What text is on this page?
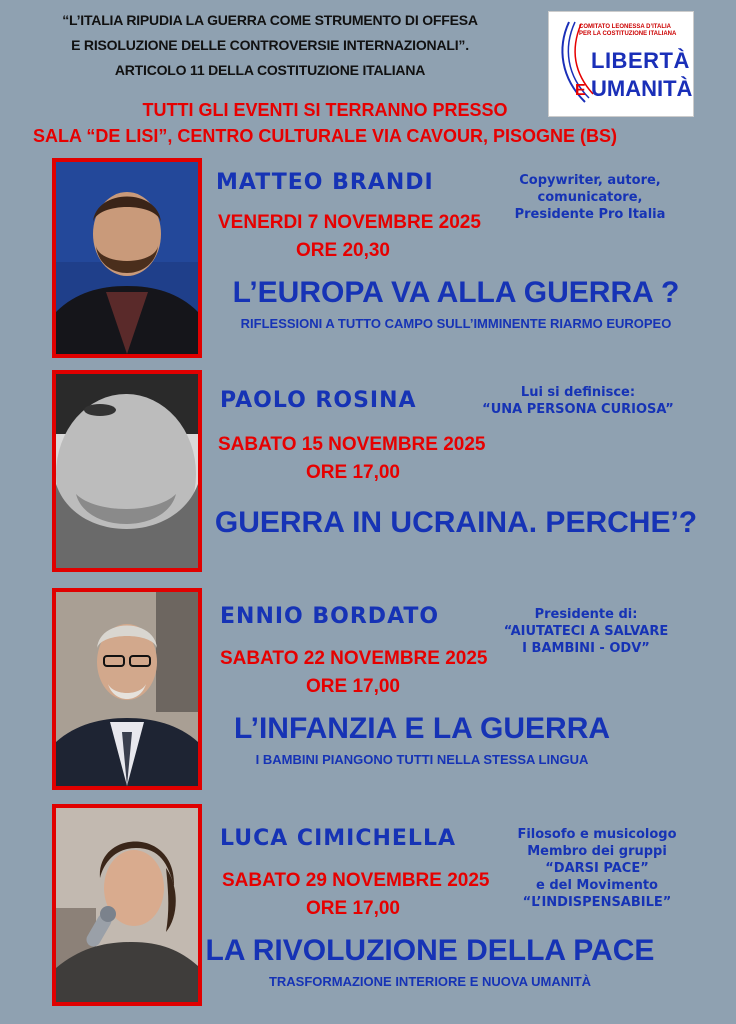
“L’ITALIA RIPUDIA LA GUERRA COME STRUMENTO DI OFFESA
E RISOLUZIONE DELLE CONTROVERSIE INTERNAZIONALI”.
ARTICOLO 11 DELLA COSTITUZIONE ITALIANA
TUTTI GLI EVENTI SI TERRANNO PRESSO
SALA “DE LISI”, CENTRO CULTURALE VIA CAVOUR, PISOGNE (BS)
COMITATO LEONESSA D’ITALIA
PER LA COSTITUZIONE ITALIANA
LIBERTÀ
E UMANITÀ
MATTEO BRANDI	Copywriter, autore,
comunicatore,
Presidente Pro Italia
VENERDI 7 NOVEMBRE 2025
ORE 20,30
L’EUROPA VA ALLA GUERRA ?
RIFLESSIONI A TUTTO CAMPO SULL’IMMINENTE RIARMO EUROPEO
PAOLO ROSINA	Lui si definisce:
“UNA PERSONA CURIOSA”
SABATO 15 NOVEMBRE 2025
ORE 17,00
GUERRA IN UCRAINA. PERCHE’?
ENNIO BORDATO	Presidente di:
“AIUTATECI A SALVARE
I BAMBINI - ODV”
SABATO 22 NOVEMBRE 2025
ORE 17,00
L’INFANZIA E LA GUERRA
I BAMBINI PIANGONO TUTTI NELLA STESSA LINGUA
LUCA CIMICHELLA	Filosofo e musicologo
Membro dei gruppi
“DARSI PACE”
e del Movimento
“L’INDISPENSABILE”
SABATO 29 NOVEMBRE 2025
ORE 17,00
LA RIVOLUZIONE DELLA PACE
TRASFORMAZIONE INTERIORE E NUOVA UMANITÀ
